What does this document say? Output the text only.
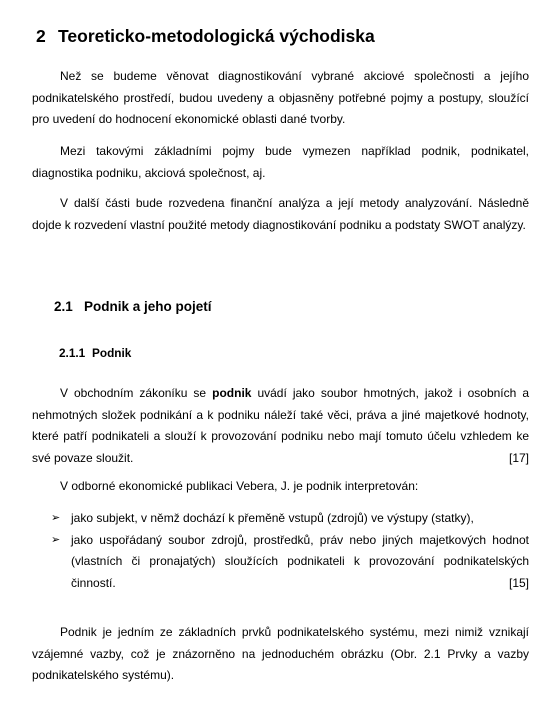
2 Teoreticko-metodologická východiska

Než se budeme věnovat diagnostikování vybrané akciové společnosti a jejího podnikatelského prostředí, budou uvedeny a objasněny potřebné pojmy a postupy, sloužící pro uvedení do hodnocení ekonomické oblasti dané tvorby.

Mezi takovými základními pojmy bude vymezen například podnik, podnikatel, diagnostika podniku, akciová společnost, aj.

V další části bude rozvedena finanční analýza a její metody analyzování. Následně dojde k rozvedení vlastní použité metody diagnostikování podniku a podstaty SWOT analýzy.

2.1 Podnik a jeho pojetí
2.1.1 Podnik

V obchodním zákoníku se podnik uvádí jako soubor hmotných, jakož i osobních a nehmotných složek podnikání a k podniku náleží také věci, práva a jiné majetkové hodnoty, které patří podnikateli a slouží k provozování podniku nebo mají tomuto účelu vzhledem ke své povaze sloužit.	[17]

V odborné ekonomické publikaci Vebera, J. je podnik interpretován:

➢ jako subjekt, v němž dochází k přeměně vstupů (zdrojů) ve výstupy (statky),
➢ jako uspořádaný soubor zdrojů, prostředků, práv nebo jiných majetkových hodnot (vlastních či pronajatých) sloužících podnikateli k provozování podnikatelských činností.	[15]

Podnik je jedním ze základních prvků podnikatelského systému, mezi nimiž vznikají vzájemné vazby, což je znázorněno na jednoduchém obrázku (Obr. 2.1 Prvky a vazby podnikatelského systému).
